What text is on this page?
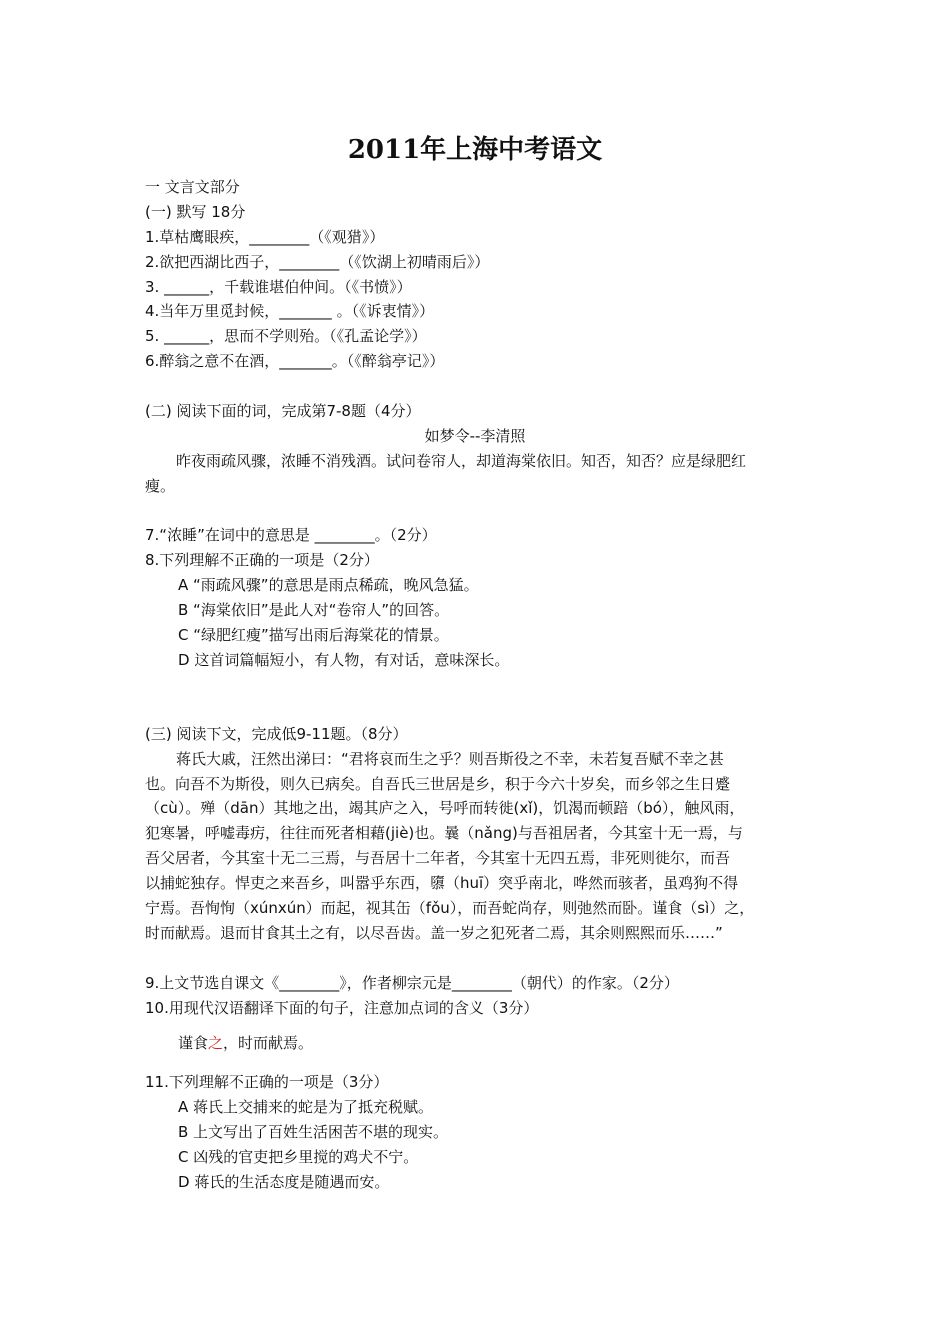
2011年上海中考语文
一 文言文部分
(一) 默写 18分
1.草枯鹰眼疾，________（《观猎》）
2.欲把西湖比西子，________（《饮湖上初晴雨后》）
3. ______，千载谁堪伯仲间。（《书愤》）
4.当年万里觅封候，_______ 。（《诉衷情》）
5. ______，思而不学则殆。（《孔孟论学》）
6.醉翁之意不在酒，_______。（《醉翁亭记》）
(二) 阅读下面的词，完成第7-8题（4分）
如梦令--李清照
昨夜雨疏风骤，浓睡不消残酒。试问卷帘人，却道海棠依旧。知否，知否？应是绿肥红
瘦。
7.“浓睡”在词中的意思是 ________。（2分）
8.下列理解不正确的一项是（2分）
A “雨疏风骤”的意思是雨点稀疏，晚风急猛。
B “海棠依旧”是此人对“卷帘人”的回答。
C “绿肥红瘦”描写出雨后海棠花的情景。
D 这首词篇幅短小，有人物，有对话，意味深长。
(三) 阅读下文，完成低9-11题。（8分）
蒋氏大戚，汪然出涕曰：“君将哀而生之乎？则吾斯役之不幸，未若复吾赋不幸之甚
也。向吾不为斯役，则久已病矣。自吾氏三世居是乡，积于今六十岁矣，而乡邻之生日蹙
（cù）。殚（dān）其地之出，竭其庐之入，号呼而转徙(xǐ)，饥渴而顿踣（bó），触风雨，
犯寒暑，呼嘘毒疠，往往而死者相藉(jiè)也。曩（nǎng)与吾祖居者，今其室十无一焉，与
吾父居者，今其室十无二三焉，与吾居十二年者，今其室十无四五焉，非死则徙尔，而吾
以捕蛇独存。悍吏之来吾乡，叫嚣乎东西，隳（huī）突乎南北，哗然而骇者，虽鸡狗不得
宁焉。吾恂恂（xúnxún）而起，视其缶（fǒu），而吾蛇尚存，则弛然而卧。谨食（sì）之，
时而献焉。退而甘食其土之有，以尽吾齿。盖一岁之犯死者二焉，其余则熙熙而乐……”
9.上文节选自课文《________》，作者柳宗元是________（朝代）的作家。（2分）
10.用现代汉语翻译下面的句子，注意加点词的含义（3分）
谨食之，时而献焉。
11.下列理解不正确的一项是（3分）
A 蒋氏上交捕来的蛇是为了抵充税赋。
B 上文写出了百姓生活困苦不堪的现实。
C 凶残的官吏把乡里搅的鸡犬不宁。
D 蒋氏的生活态度是随遇而安。
